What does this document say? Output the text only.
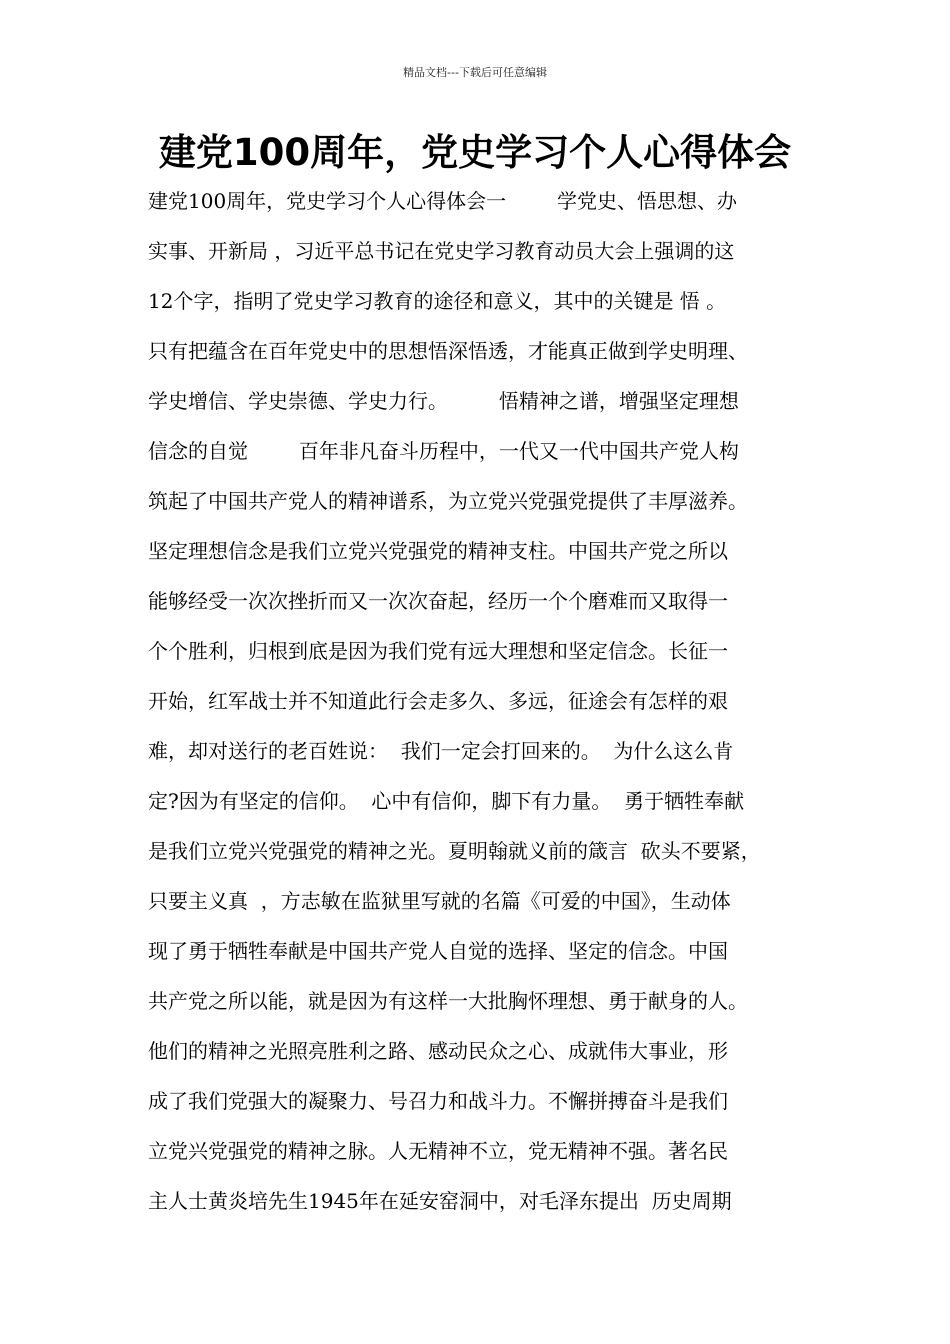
精品文档---下载后可任意编辑
建党100周年，党史学习个人心得体会
建党100周年，党史学习个人心得体会一        学党史、悟思想、办
实事、开新局 ，习近平总书记在党史学习教育动员大会上强调的这
12个字，指明了党史学习教育的途径和意义，其中的关键是 悟 。
只有把蕴含在百年党史中的思想悟深悟透，才能真正做到学史明理、
学史增信、学史崇德、学史力行。        悟精神之谱，增强坚定理想
信念的自觉        百年非凡奋斗历程中，一代又一代中国共产党人构
筑起了中国共产党人的精神谱系，为立党兴党强党提供了丰厚滋养。
坚定理想信念是我们立党兴党强党的精神支柱。中国共产党之所以
能够经受一次次挫折而又一次次奋起，经历一个个磨难而又取得一
个个胜利，归根到底是因为我们党有远大理想和坚定信念。长征一
开始，红军战士并不知道此行会走多久、多远，征途会有怎样的艰
难，却对送行的老百姓说：  我们一定会打回来的。  为什么这么肯
定?因为有坚定的信仰。  心中有信仰，脚下有力量。  勇于牺牲奉献
是我们立党兴党强党的精神之光。夏明翰就义前的箴言  砍头不要紧，
只要主义真  ，方志敏在监狱里写就的名篇《可爱的中国》，生动体
现了勇于牺牲奉献是中国共产党人自觉的选择、坚定的信念。中国
共产党之所以能，就是因为有这样一大批胸怀理想、勇于献身的人。
他们的精神之光照亮胜利之路、感动民众之心、成就伟大事业，形
成了我们党强大的凝聚力、号召力和战斗力。不懈拼搏奋斗是我们
立党兴党强党的精神之脉。人无精神不立，党无精神不强。著名民
主人士黄炎培先生1945年在延安窑洞中，对毛泽东提出  历史周期
